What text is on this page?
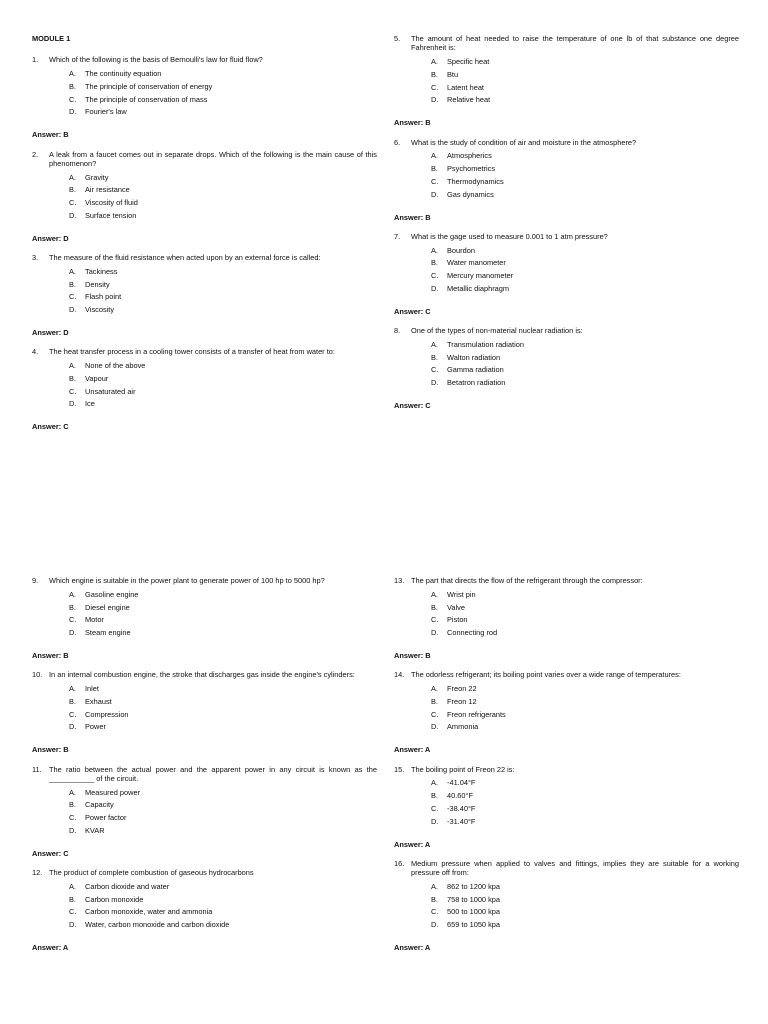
MODULE 1
1.	Which of the following is the basis of Bernoulli's law for fluid flow?
A.	The continuity equation
B.	The principle of conservation of energy
C.	The principle of conservation of mass
D.	Fourier's law
Answer: B
2.	A leak from a faucet comes out in separate drops. Which of the following is the main cause of this phenomenon?
A.	Gravity
B.	Air resistance
C.	Viscosity of fluid
D.	Surface tension
Answer: D
3.	The measure of the fluid resistance when acted upon by an external force is called:
A.	Tackiness
B.	Density
C.	Flash point
D.	Viscosity
Answer: D
4.	The heat transfer process in a cooling tower consists of a transfer of heat from water to:
A.	None of the above
B.	Vapour
C.	Unsaturated air
D.	Ice
Answer: C
5.	The amount of heat needed to raise the temperature of one lb of that substance one degree Fahrenheit is:
A.	Specific heat
B.	Btu
C.	Latent heat
D.	Relative heat
Answer: B
6.	What is the study of condition of air and moisture in the atmosphere?
A.	Atmospherics
B.	Psychometrics
C.	Thermodynamics
D.	Gas dynamics
Answer: B
7.	What is the gage used to measure 0.001 to 1 atm pressure?
A.	Bourdon
B.	Water manometer
C.	Mercury manometer
D.	Metallic diaphragm
Answer: C
8.	One of the types of non-material nuclear radiation is:
A.	Transmulation radiation
B.	Walton radiation
C.	Gamma radiation
D.	Betatron radiation
Answer: C
9.	Which engine is suitable in the power plant to generate power of 100 hp to 5000 hp?
A.	Gasoline engine
B.	Diesel engine
C.	Motor
D.	Steam engine
Answer: B
10. In an internal combustion engine, the stroke that discharges gas inside the engine's cylinders:
A.	Inlet
B.	Exhaust
C.	Compression
D.	Power
Answer: B
11. The ratio between the actual power and the apparent power in any circuit is known as the ___________ of the circuit.
A.	Measured power
B.	Capacity
C.	Power factor
D.	KVAR
Answer: C
12. The product of complete combustion of gaseous hydrocarbons
A.	Carbon dioxide and water
B.	Carbon monoxide
C.	Carbon monoxide, water and ammonia
D.	Water, carbon monoxide and carbon dioxide
Answer: A
13. The part that directs the flow of the refrigerant through the compressor:
A.	Wrist pin
B.	Valve
C.	Piston
D.	Connecting rod
Answer: B
14. The odorless refrigerant; its boiling point varies over a wide range of temperatures:
A.	Freon 22
B.	Freon 12
C.	Freon refrigerants
D.	Ammonia
Answer: A
15. The boiling point of Freon 22 is:
A.	-41.04°F
B.	40.60°F
C.	-38.40°F
D.	-31.40°F
Answer: A
16. Medium pressure when applied to valves and fittings, implies they are suitable for a working pressure off from:
A.	862 to 1200 kpa
B.	758 to 1000 kpa
C.	500 to 1000 kpa
D.	659 to 1050 kpa
Answer: A
